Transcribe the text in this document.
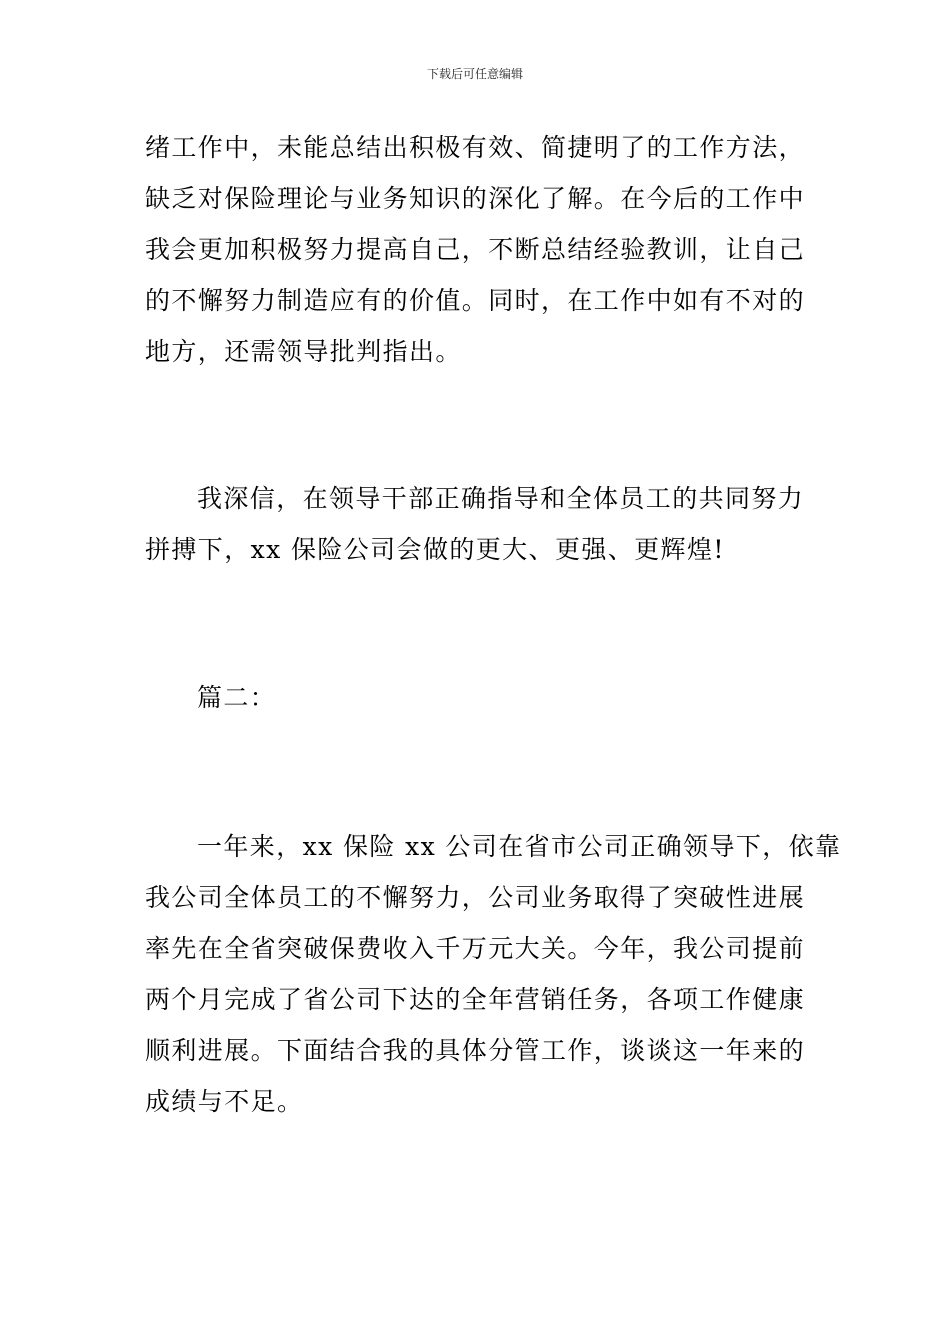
下载后可任意编辑
绪工作中，未能总结出积极有效、简捷明了的工作方法，
缺乏对保险理论与业务知识的深化了解。在今后的工作中
我会更加积极努力提高自己，不断总结经验教训，让自己
的不懈努力制造应有的价值。同时，在工作中如有不对的
地方，还需领导批判指出。
我深信，在领导干部正确指导和全体员工的共同努力
拼搏下，xx 保险公司会做的更大、更强、更辉煌!
篇二：
一年来，xx 保险 xx 公司在省市公司正确领导下，依靠
我公司全体员工的不懈努力，公司业务取得了突破性进展
率先在全省突破保费收入千万元大关。今年，我公司提前
两个月完成了省公司下达的全年营销任务，各项工作健康
顺利进展。下面结合我的具体分管工作，谈谈这一年来的
成绩与不足。
